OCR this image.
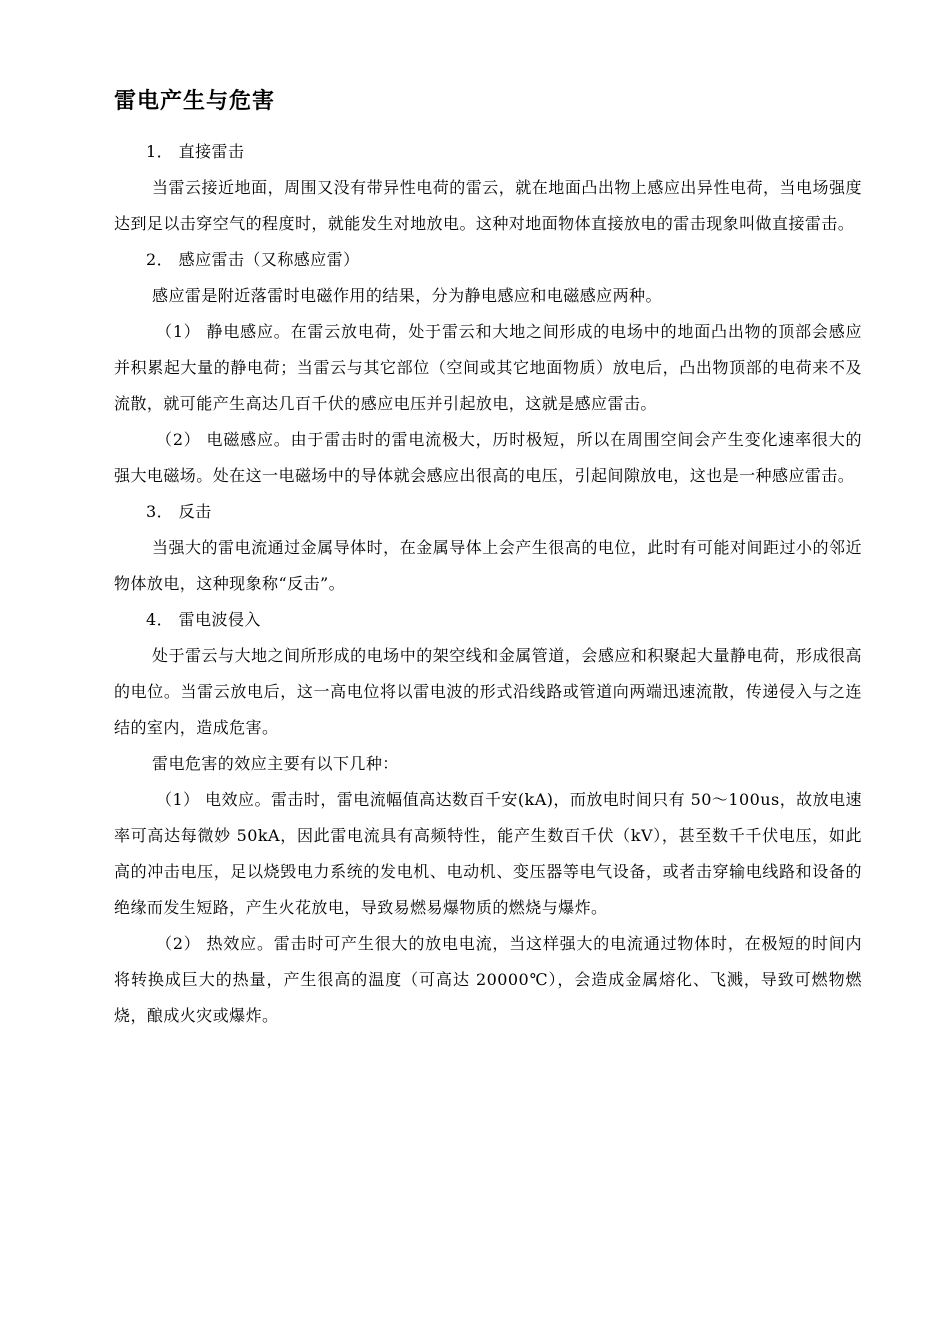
雷电产生与危害

1． 直接雷击

当雷云接近地面，周围又没有带异性电荷的雷云，就在地面凸出物上感应出异性电荷，当电场强度达到足以击穿空气的程度时，就能发生对地放电。这种对地面物体直接放电的雷击现象叫做直接雷击。

2． 感应雷击（又称感应雷）

感应雷是附近落雷时电磁作用的结果，分为静电感应和电磁感应两种。

（1） 静电感应。在雷云放电荷，处于雷云和大地之间形成的电场中的地面凸出物的顶部会感应并积累起大量的静电荷；当雷云与其它部位（空间或其它地面物质）放电后，凸出物顶部的电荷来不及流散，就可能产生高达几百千伏的感应电压并引起放电，这就是感应雷击。

（2） 电磁感应。由于雷击时的雷电流极大，历时极短，所以在周围空间会产生变化速率很大的强大电磁场。处在这一电磁场中的导体就会感应出很高的电压，引起间隙放电，这也是一种感应雷击。

3． 反击

当强大的雷电流通过金属导体时，在金属导体上会产生很高的电位，此时有可能对间距过小的邻近物体放电，这种现象称“反击”。

4． 雷电波侵入

处于雷云与大地之间所形成的电场中的架空线和金属管道，会感应和积聚起大量静电荷，形成很高的电位。当雷云放电后，这一高电位将以雷电波的形式沿线路或管道向两端迅速流散，传递侵入与之连结的室内，造成危害。

雷电危害的效应主要有以下几种：

（1） 电效应。雷击时，雷电流幅值高达数百千安(kA)，而放电时间只有 50～100us，故放电速率可高达每微妙 50kA，因此雷电流具有高频特性，能产生数百千伏（kV），甚至数千千伏电压，如此高的冲击电压，足以烧毁电力系统的发电机、电动机、变压器等电气设备，或者击穿输电线路和设备的绝缘而发生短路，产生火花放电，导致易燃易爆物质的燃烧与爆炸。

（2） 热效应。雷击时可产生很大的放电电流，当这样强大的电流通过物体时，在极短的时间内将转换成巨大的热量，产生很高的温度（可高达 20000℃），会造成金属熔化、飞溅，导致可燃物燃烧，酿成火灾或爆炸。
